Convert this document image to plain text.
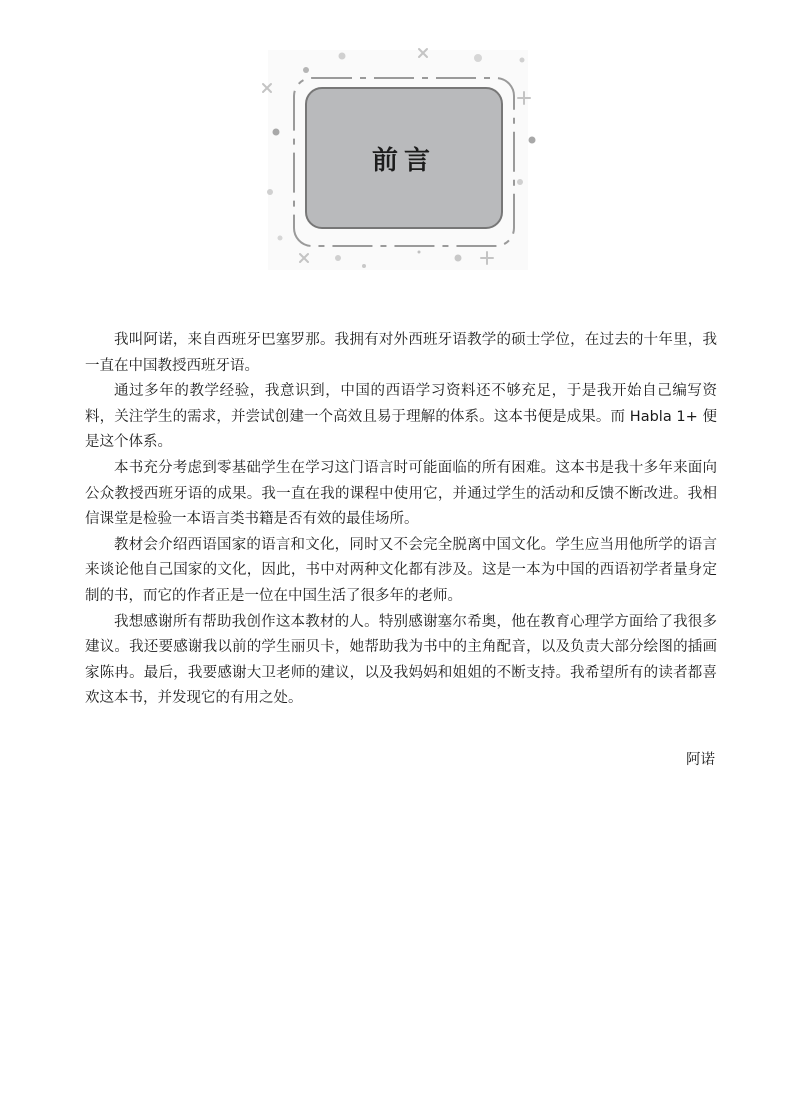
前言

我叫阿诺，来自西班牙巴塞罗那。我拥有对外西班牙语教学的硕士学位，在过去的十年里，我一直在中国教授西班牙语。

通过多年的教学经验，我意识到，中国的西语学习资料还不够充足，于是我开始自己编写资料，关注学生的需求，并尝试创建一个高效且易于理解的体系。这本书便是成果。而 Habla 1+ 便是这个体系。

本书充分考虑到零基础学生在学习这门语言时可能面临的所有困难。这本书是我十多年来面向公众教授西班牙语的成果。我一直在我的课程中使用它，并通过学生的活动和反馈不断改进。我相信课堂是检验一本语言类书籍是否有效的最佳场所。

教材会介绍西语国家的语言和文化，同时又不会完全脱离中国文化。学生应当用他所学的语言来谈论他自己国家的文化，因此，书中对两种文化都有涉及。这是一本为中国的西语初学者量身定制的书，而它的作者正是一位在中国生活了很多年的老师。

我想感谢所有帮助我创作这本教材的人。特别感谢塞尔希奥，他在教育心理学方面给了我很多建议。我还要感谢我以前的学生丽贝卡，她帮助我为书中的主角配音，以及负责大部分绘图的插画家陈冉。最后，我要感谢大卫老师的建议，以及我妈妈和姐姐的不断支持。我希望所有的读者都喜欢这本书，并发现它的有用之处。

阿诺
